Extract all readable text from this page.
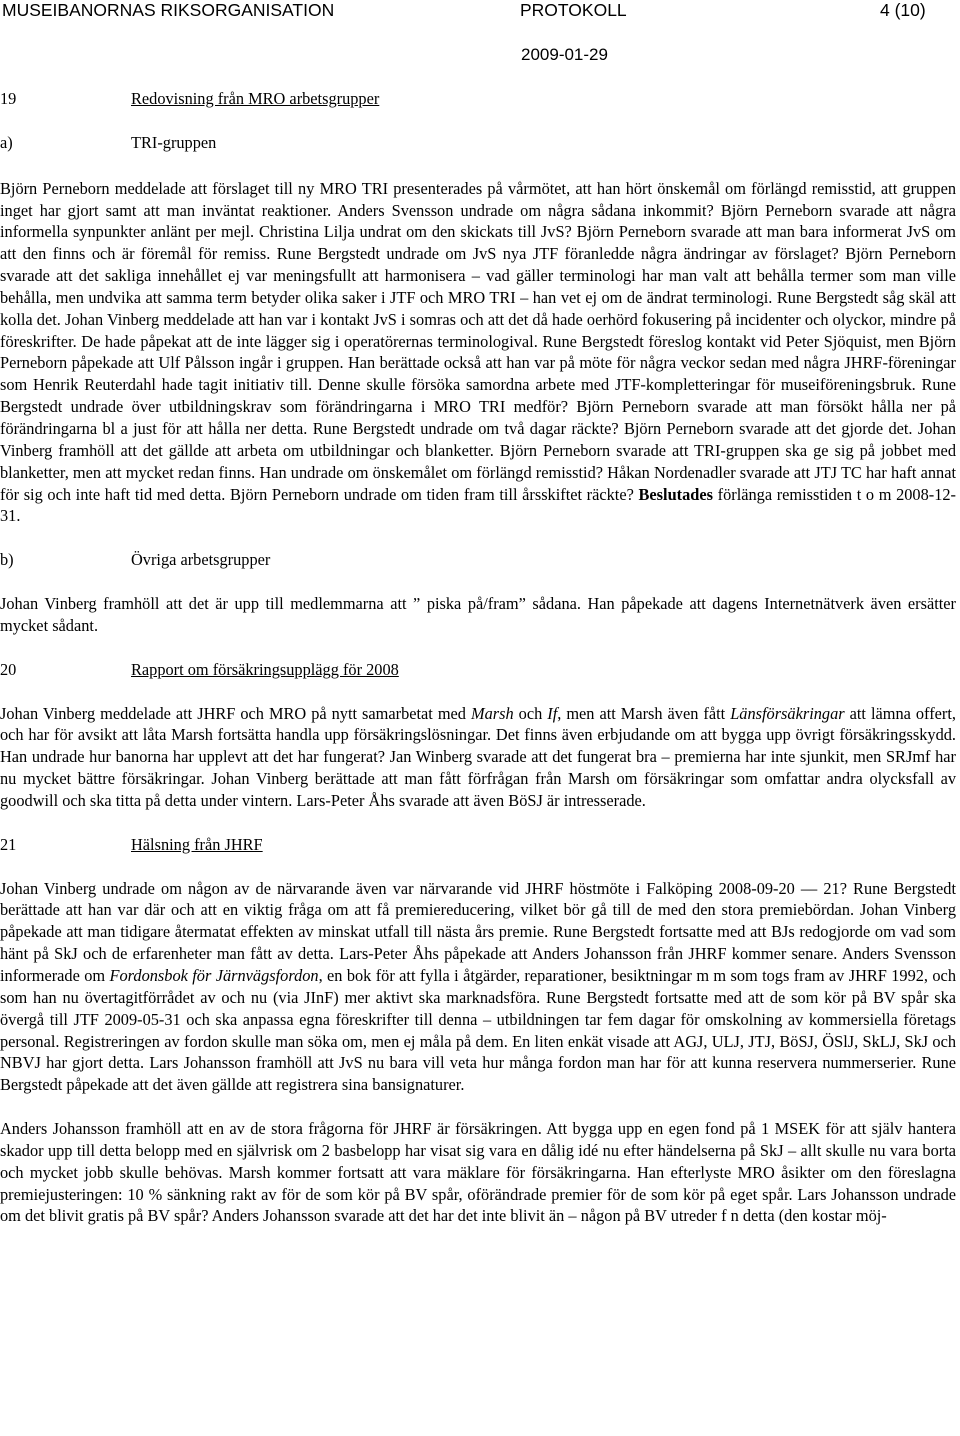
MUSEIBANORNAS RIKSORGANISATION	PROTOKOLL	4 (10)
2009-01-29
19	Redovisning från MRO arbetsgrupper
a)	TRI-gruppen

Björn Perneborn meddelade att förslaget till ny MRO TRI presenterades på vårmötet, att han hört önskemål om förlängd remisstid, att gruppen inget har gjort samt att man inväntat reaktioner. Anders Svensson undrade om några sådana inkommit? Björn Perneborn svarade att några informella synpunkter anlänt per mejl. Christina Lilja undrat om den skickats till JvS? Björn Perneborn svarade att man bara informerat JvS om att den finns och är föremål för remiss. Rune Bergstedt undrade om JvS nya JTF föranledde några ändringar av förslaget? Björn Perneborn svarade att det sakliga innehållet ej var meningsfullt att harmonisera – vad gäller terminologi har man valt att behålla termer som man ville behålla, men undvika att samma term betyder olika saker i JTF och MRO TRI – han vet ej om de ändrat terminologi. Rune Bergstedt såg skäl att kolla det. Johan Vinberg meddelade att han var i kontakt JvS i somras och att det då hade oerhörd fokusering på incidenter och olyckor, mindre på föreskrifter. De hade påpekat att de inte lägger sig i operatörernas terminologival. Rune Bergstedt föreslog kontakt vid Peter Sjöquist, men Björn Perneborn påpekade att Ulf Pålsson ingår i gruppen. Han berättade också att han var på möte för några veckor sedan med några JHRF-föreningar som Henrik Reuterdahl hade tagit initiativ till. Denne skulle försöka samordna arbete med JTF-kompletteringar för museiföreningsbruk. Rune Bergstedt undrade över utbildningskrav som förändringarna i MRO TRI medför? Björn Perneborn svarade att man försökt hålla ner på förändringarna bl a just för att hålla ner detta. Rune Bergstedt undrade om två dagar räckte? Björn Perneborn svarade att det gjorde det. Johan Vinberg framhöll att det gällde att arbeta om utbildningar och blanketter. Björn Perneborn svarade att TRI-gruppen ska ge sig på jobbet med blanketter, men att mycket redan finns. Han undrade om önskemålet om förlängd remisstid? Håkan Nordenadler svarade att JTJ TC har haft annat för sig och inte haft tid med detta. Björn Perneborn undrade om tiden fram till årsskiftet räckte? Beslutades förlänga remisstiden t o m 2008-12-31.

b)	Övriga arbetsgrupper

Johan Vinberg framhöll att det är upp till medlemmarna att ” piska på/fram” sådana. Han påpekade att dagens Internetnätverk även ersätter mycket sådant.

20	Rapport om försäkringsupplägg för 2008

Johan Vinberg meddelade att JHRF och MRO på nytt samarbetat med Marsh och If, men att Marsh även fått Länsförsäkringar att lämna offert, och har för avsikt att låta Marsh fortsätta handla upp försäkringslösningar. Det finns även erbjudande om att bygga upp övrigt försäkringsskydd. Han undrade hur banorna har upplevt att det har fungerat? Jan Winberg svarade att det fungerat bra – premierna har inte sjunkit, men SRJmf har nu mycket bättre försäkringar. Johan Vinberg berättade att man fått förfrågan från Marsh om försäkringar som omfattar andra olycksfall av goodwill och ska titta på detta under vintern. Lars-Peter Åhs svarade att även BöSJ är intresserade.

21	Hälsning från JHRF

Johan Vinberg undrade om någon av de närvarande även var närvarande vid JHRF höstmöte i Falköping 2008-09-20 — 21? Rune Bergstedt berättade att han var där och att en viktig fråga om att få premiereducering, vilket bör gå till de med den stora premiebördan. Johan Vinberg påpekade att man tidigare återmatat effekten av minskat utfall till nästa års premie. Rune Bergstedt fortsatte med att BJs redogjorde om vad som hänt på SkJ och de erfarenheter man fått av detta. Lars-Peter Åhs påpekade att Anders Johansson från JHRF kommer senare. Anders Svensson informerade om Fordonsbok för Järnvägsfordon, en bok för att fylla i åtgärder, reparationer, besiktningar m m som togs fram av JHRF 1992, och som han nu övertagitförrådet av och nu (via JInF) mer aktivt ska marknadsföra. Rune Bergstedt fortsatte med att de som kör på BV spår ska övergå till JTF 2009-05-31 och ska anpassa egna föreskrifter till denna – utbildningen tar fem dagar för omskolning av kommersiella företags personal. Registreringen av fordon skulle man söka om, men ej måla på dem. En liten enkät visade att AGJ, ULJ, JTJ, BöSJ, ÖSlJ, SkLJ, SkJ och NBVJ har gjort detta. Lars Johansson framhöll att JvS nu bara vill veta hur många fordon man har för att kunna reservera nummerserier. Rune Bergstedt påpekade att det även gällde att registrera sina bansignaturer.

Anders Johansson framhöll att en av de stora frågorna för JHRF är försäkringen. Att bygga upp en egen fond på 1 MSEK för att själv hantera skador upp till detta belopp med en självrisk om 2 basbelopp har visat sig vara en dålig idé nu efter händelserna på SkJ – allt skulle nu vara borta och mycket jobb skulle behövas. Marsh kommer fortsatt att vara mäklare för försäkringarna. Han efterlyste MRO åsikter om den föreslagna premiejusteringen: 10 % sänkning rakt av för de som kör på BV spår, oförändrade premier för de som kör på eget spår. Lars Johansson undrade om det blivit gratis på BV spår? Anders Johansson svarade att det har det inte blivit än – någon på BV utreder f n detta (den kostar möj-
